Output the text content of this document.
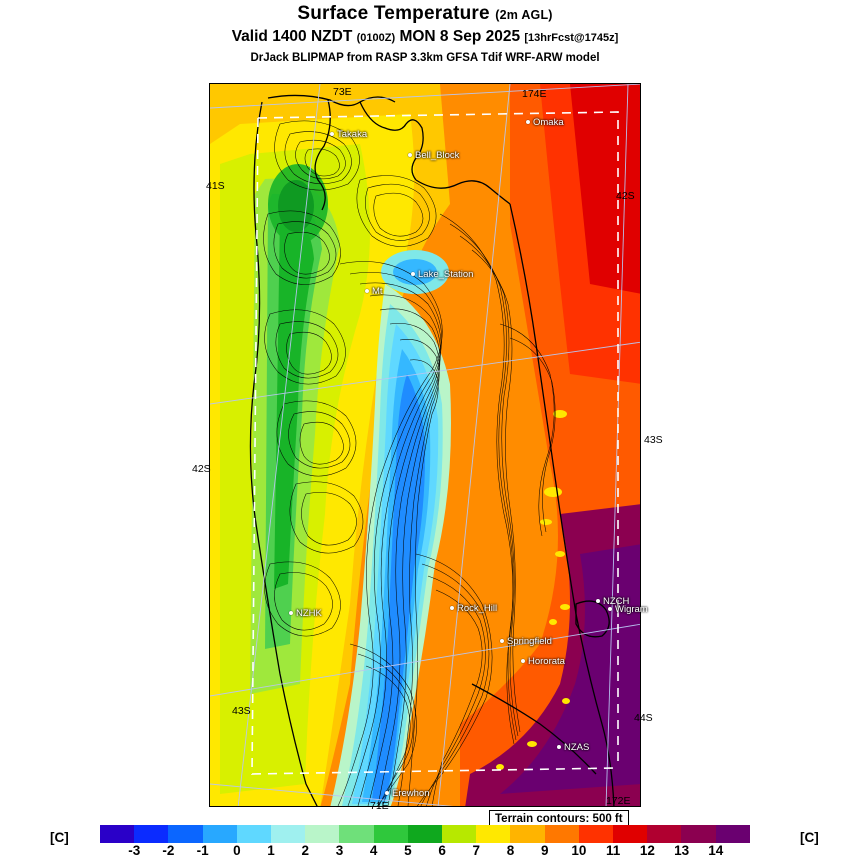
Surface Temperature (2m AGL)
Valid 1400 NZDT (0100Z) MON 8 Sep 2025 [13hrFcst@1745z]
DrJack BLIPMAP from RASP 3.3km GFSA Tdif WRF-ARW model
73E	174E
41S
42S
42S
43S
43S
44S
71E	172E
Takaka
Omaka
Bell_Block
Lake_Station
Mt
NZHK	Rock_Hill
NZCH
Wigram
Springfield
Hororata
NZAS
Erewhon
Terrain contours: 500 ft
[C]
-3 -2 -1 0 1 2 3 4 5 6 7 8 9 10 11 12 13 14
[C]
